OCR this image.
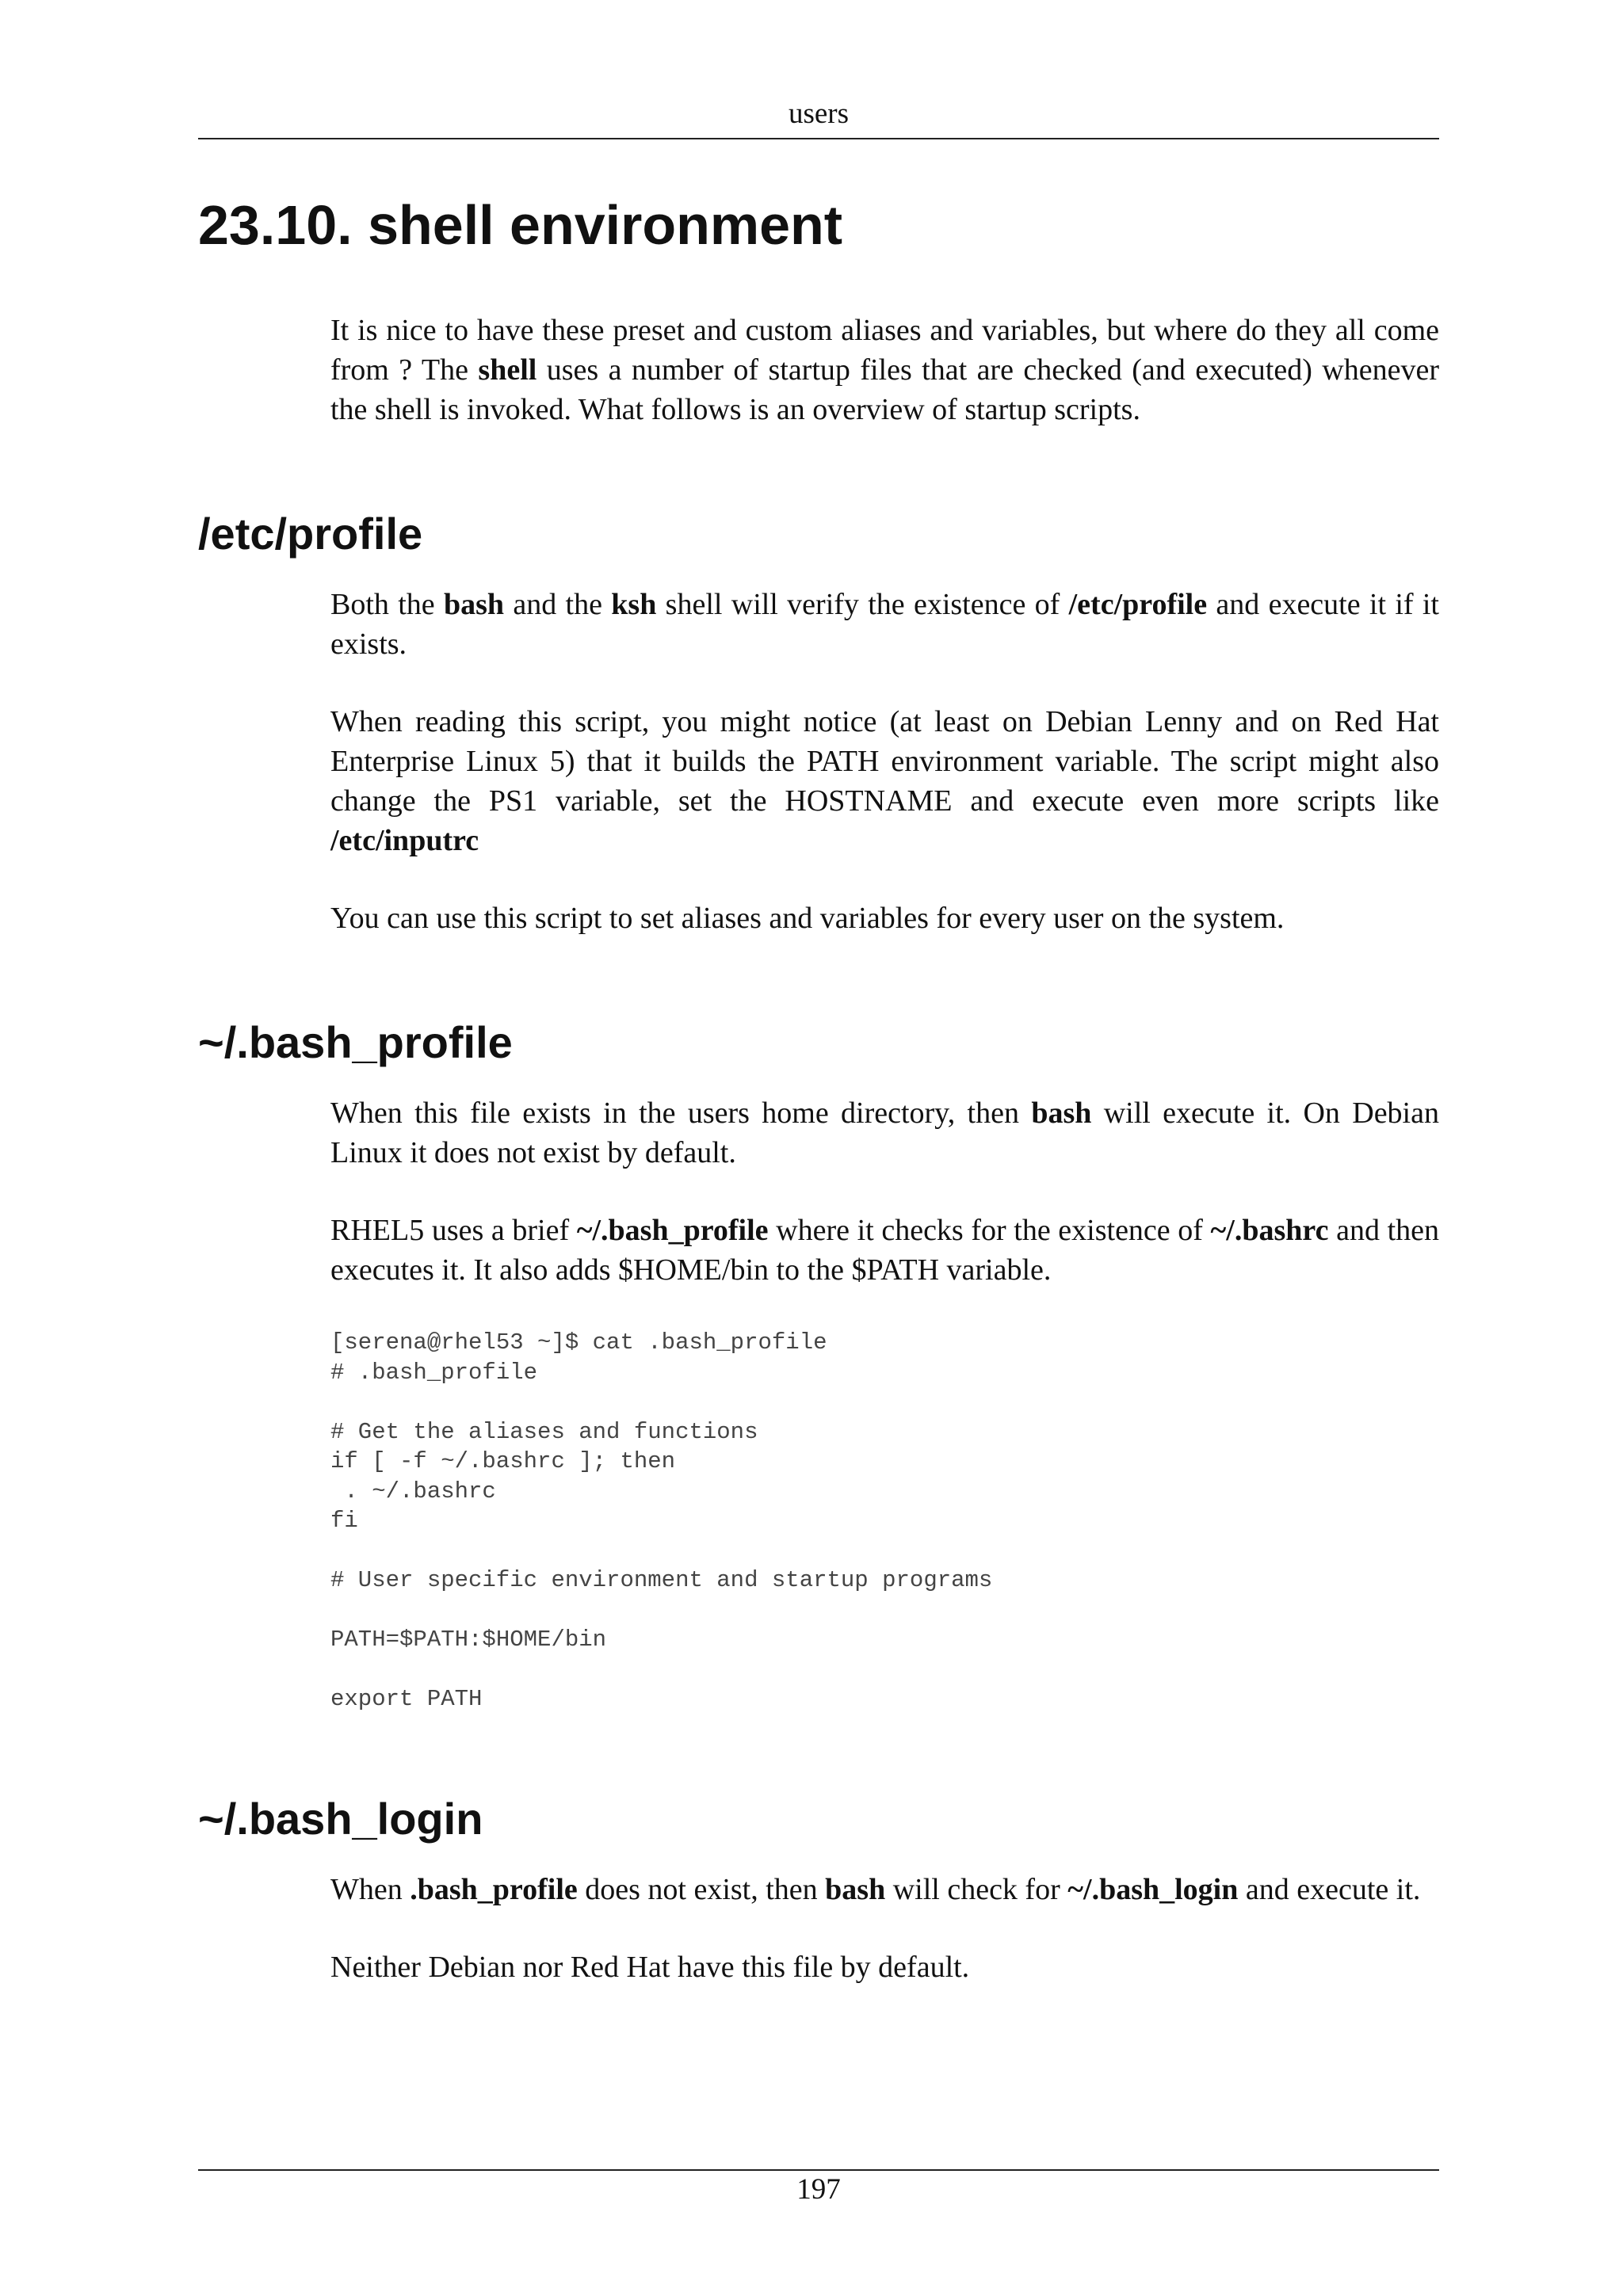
users
23.10. shell environment

It is nice to have these preset and custom aliases and variables, but where do they all come from ? The shell uses a number of startup files that are checked (and executed) whenever the shell is invoked. What follows is an overview of startup scripts.

/etc/profile

Both the bash and the ksh shell will verify the existence of /etc/profile and execute it if it exists.

When reading this script, you might notice (at least on Debian Lenny and on Red Hat Enterprise Linux 5) that it builds the PATH environment variable. The script might also change the PS1 variable, set the HOSTNAME and execute even more scripts like /etc/inputrc

You can use this script to set aliases and variables for every user on the system.

~/.bash_profile

When this file exists in the users home directory, then bash will execute it. On Debian Linux it does not exist by default.

RHEL5 uses a brief ~/.bash_profile where it checks for the existence of ~/.bashrc and then executes it. It also adds $HOME/bin to the $PATH variable.

[serena@rhel53 ~]$ cat .bash_profile
# .bash_profile

# Get the aliases and functions
if [ -f ~/.bashrc ]; then
. ~/.bashrc
fi

# User specific environment and startup programs

PATH=$PATH:$HOME/bin

export PATH
~/.bash_login

When .bash_profile does not exist, then bash will check for ~/.bash_login and execute it.

Neither Debian nor Red Hat have this file by default.

197
